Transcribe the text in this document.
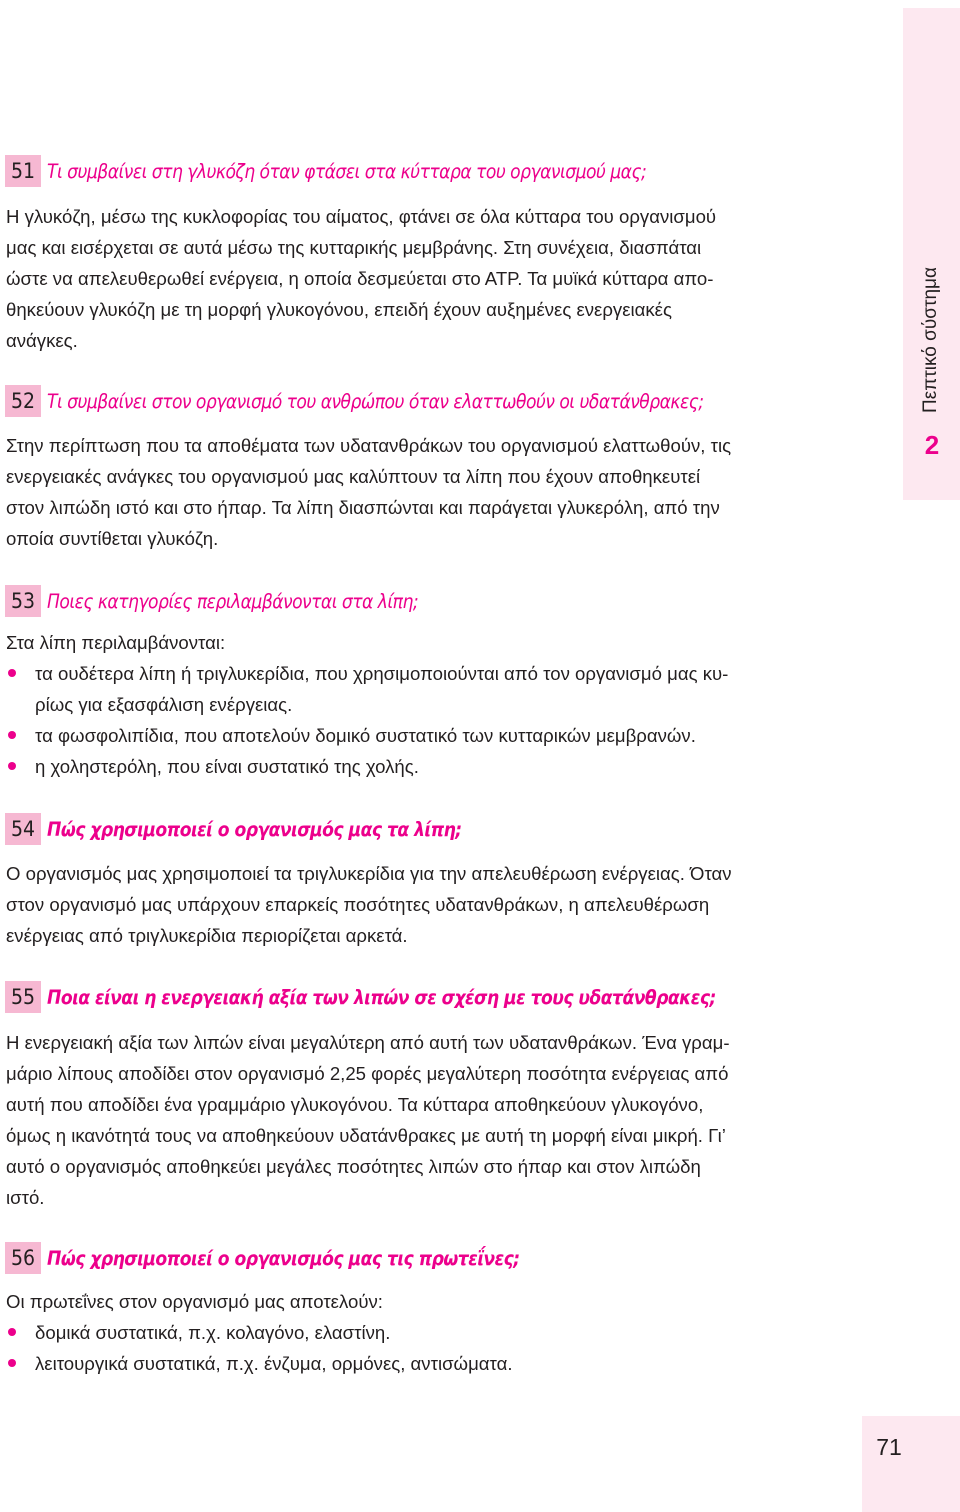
Πεπτικό σύστημα
2
51 Τι συμβαίνει στη γλυκόζη όταν φτάσει στα κύτταρα του οργανισμού μας;

Η γλυκόζη, μέσω της κυκλοφορίας του αίματος, φτάνει σε όλα κύτταρα του οργανισμού

μας και εισέρχεται σε αυτά μέσω της κυτταρικής μεμβράνης. Στη συνέχεια, διασπάται

ώστε να απελευθερωθεί ενέργεια, η οποία δεσμεύεται στο ΑΤΡ. Τα μυϊκά κύτταρα απο-

θηκεύουν γλυκόζη με τη μορφή γλυκογόνου, επειδή έχουν αυξημένες ενεργειακές

ανάγκες.

52 Τι συμβαίνει στον οργανισμό του ανθρώπου όταν ελαττωθούν οι υδατάνθρακες;

Στην περίπτωση που τα αποθέματα των υδατανθράκων του οργανισμού ελαττωθούν, τις

ενεργειακές ανάγκες του οργανισμού μας καλύπτουν τα λίπη που έχουν αποθηκευτεί

στον λιπώδη ιστό και στο ήπαρ. Τα λίπη διασπώνται και παράγεται γλυκερόλη, από την

οποία συντίθεται γλυκόζη.

53 Ποιες κατηγορίες περιλαμβάνονται στα λίπη;

Στα λίπη περιλαμβάνονται:

τα ουδέτερα λίπη ή τριγλυκερίδια, που χρησιμοποιούνται από τον οργανισμό μας κυ-
ρίως για εξασφάλιση ενέργειας.
τα φωσφολιπίδια, που αποτελούν δομικό συστατικό των κυτταρικών μεμβρανών.
η χοληστερόλη, που είναι συστατικό της χολής.
54 Πώς χρησιμοποιεί ο οργανισμός μας τα λίπη;

Ο οργανισμός μας χρησιμοποιεί τα τριγλυκερίδια για την απελευθέρωση ενέργειας. Όταν

στον οργανισμό μας υπάρχουν επαρκείς ποσότητες υδατανθράκων, η απελευθέρωση

ενέργειας από τριγλυκερίδια περιορίζεται αρκετά.

55 Ποια είναι η ενεργειακή αξία των λιπών σε σχέση με τους υδατάνθρακες;

Η ενεργειακή αξία των λιπών είναι μεγαλύτερη από αυτή των υδατανθράκων. Ένα γραμ-

μάριο λίπους αποδίδει στον οργανισμό 2,25 φορές μεγαλύτερη ποσότητα ενέργειας από

αυτή που αποδίδει ένα γραμμάριο γλυκογόνου. Τα κύτταρα αποθηκεύουν γλυκογόνο,

όμως η ικανότητά τους να αποθηκεύουν υδατάνθρακες με αυτή τη μορφή είναι μικρή. Γι’

αυτό ο οργανισμός αποθηκεύει μεγάλες ποσότητες λιπών στο ήπαρ και στον λιπώδη

ιστό.

56 Πώς χρησιμοποιεί ο οργανισμός μας τις πρωτεΐνες;

Οι πρωτεΐνες στον οργανισμό μας αποτελούν:

δομικά συστατικά, π.χ. κολαγόνο, ελαστίνη.
λειτουργικά συστατικά, π.χ. ένζυμα, ορμόνες, αντισώματα.
71
